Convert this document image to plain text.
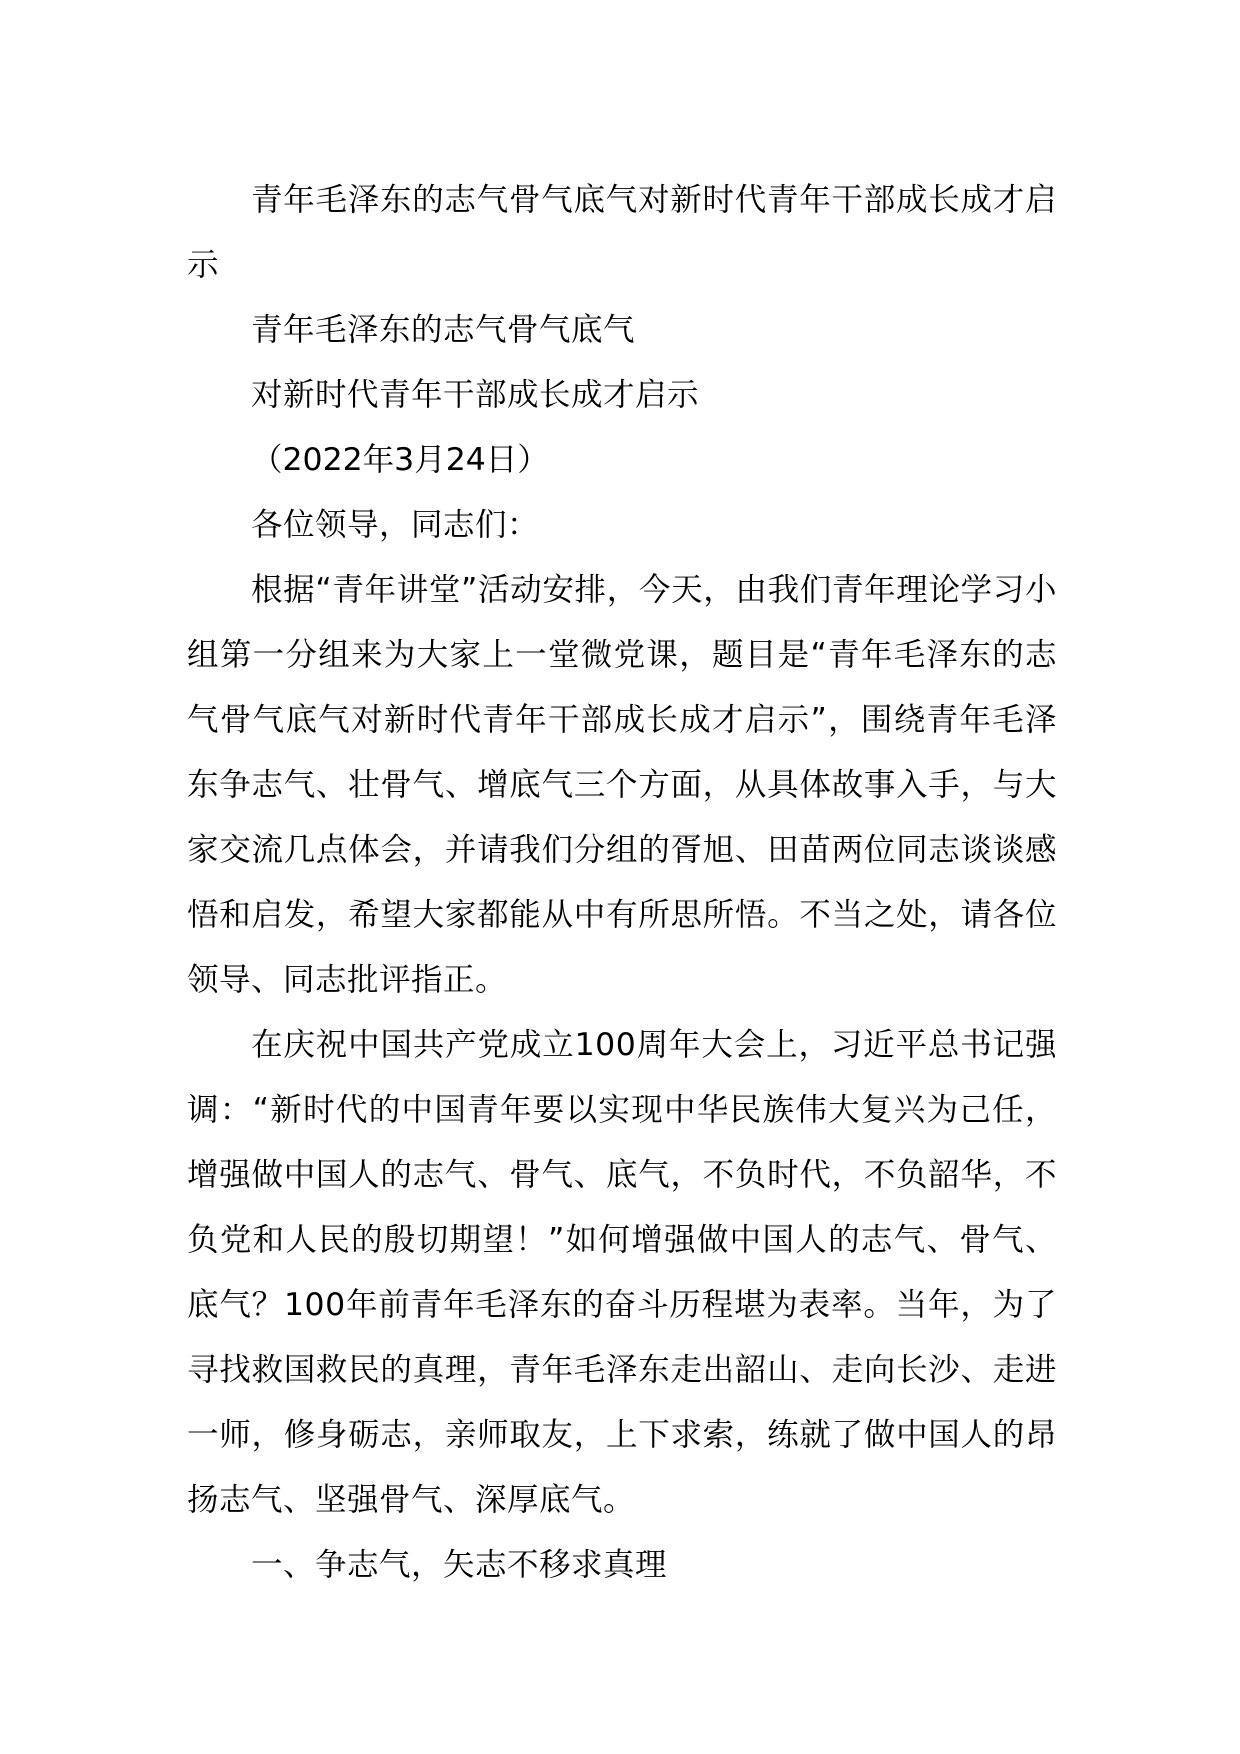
青年毛泽东的志气骨气底气对新时代青年干部成长成才启示

青年毛泽东的志气骨气底气

对新时代青年干部成长成才启示

（2022年3月24日）

各位领导，同志们：

根据“青年讲堂”活动安排，今天，由我们青年理论学习小组第一分组来为大家上一堂微党课，题目是“青年毛泽东的志气骨气底气对新时代青年干部成长成才启示”，围绕青年毛泽东争志气、壮骨气、增底气三个方面，从具体故事入手，与大家交流几点体会，并请我们分组的胥旭、田苗两位同志谈谈感悟和启发，希望大家都能从中有所思所悟。不当之处，请各位领导、同志批评指正。

在庆祝中国共产党成立100周年大会上，习近平总书记强调：“新时代的中国青年要以实现中华民族伟大复兴为己任，增强做中国人的志气、骨气、底气，不负时代，不负韶华，不负党和人民的殷切期望！”如何增强做中国人的志气、骨气、底气？100年前青年毛泽东的奋斗历程堪为表率。当年，为了寻找救国救民的真理，青年毛泽东走出韶山、走向长沙、走进一师，修身砺志，亲师取友，上下求索，练就了做中国人的昂扬志气、坚强骨气、深厚底气。

一、争志气，矢志不移求真理
